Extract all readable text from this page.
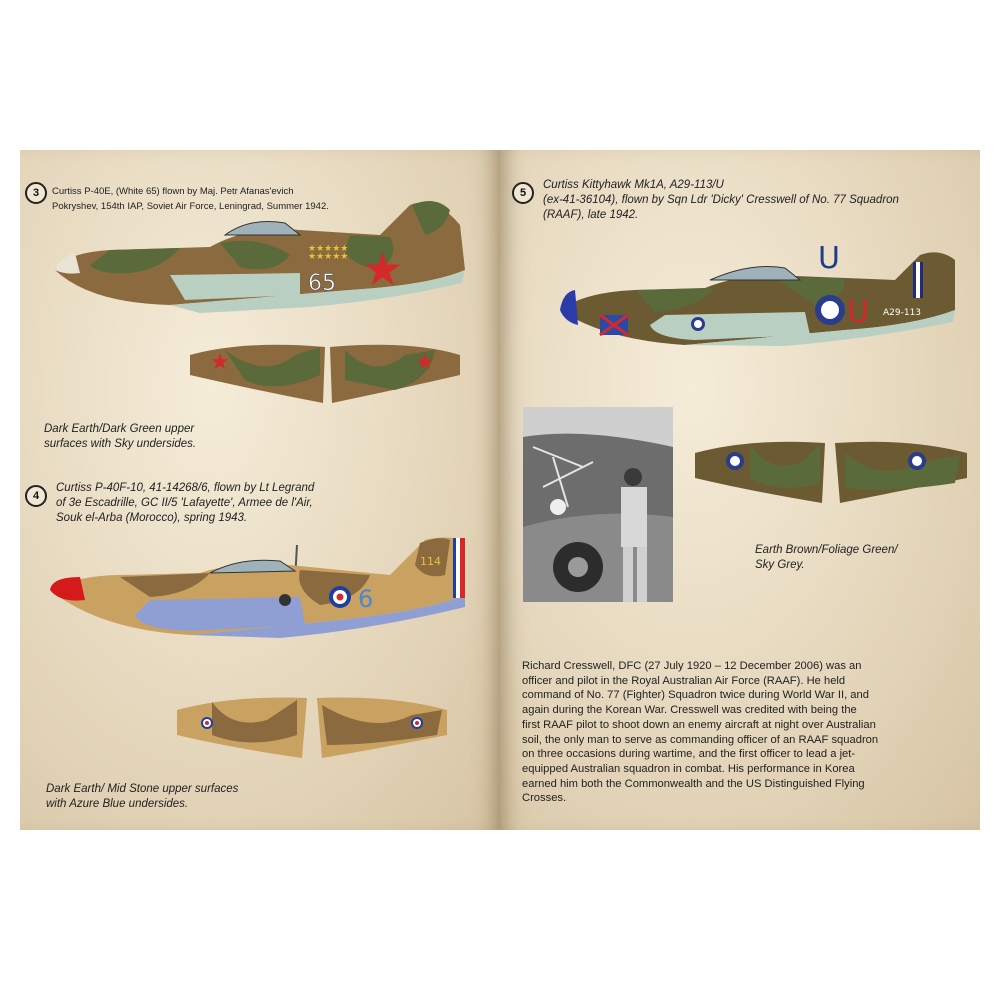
3	Curtiss P-40E, (White 65) flown by Maj. Petr Afanas'evich
Pokryshev, 154th IAP, Soviet Air Force, Leningrad, Summer 1942.
★★★★★
★★★★★ ★
65
★	★
Dark Earth/Dark Green upper
surfaces with Sky undersides.
4
Curtiss P-40F-10, 41-14268/6, flown by Lt Legrand
of 3e Escadrille, GC II/5 'Lafayette', Armee de l'Air,
Souk el-Arba (Morocco), spring 1943.
6
114
Dark Earth/ Mid Stone upper surfaces
with Azure Blue undersides.
5
Curtiss Kittyhawk Mk1A, A29-113/U
(ex-41-36104), flown by Sqn Ldr 'Dicky' Cresswell of No. 77 Squadron
(RAAF), late 1942.
U A29-113
U
Earth Brown/Foliage Green/
Sky Grey.
Richard Cresswell, DFC (27 July 1920 – 12 December 2006) was an
officer and pilot in the Royal Australian Air Force (RAAF). He held
command of No. 77 (Fighter) Squadron twice during World War II, and
again during the Korean War. Cresswell was credited with being the
first RAAF pilot to shoot down an enemy aircraft at night over Australian
soil, the only man to serve as commanding officer of an RAAF squadron
on three occasions during wartime, and the first officer to lead a jet-
equipped Australian squadron in combat. His performance in Korea
earned him both the Commonwealth and the US Distinguished Flying
Crosses.
